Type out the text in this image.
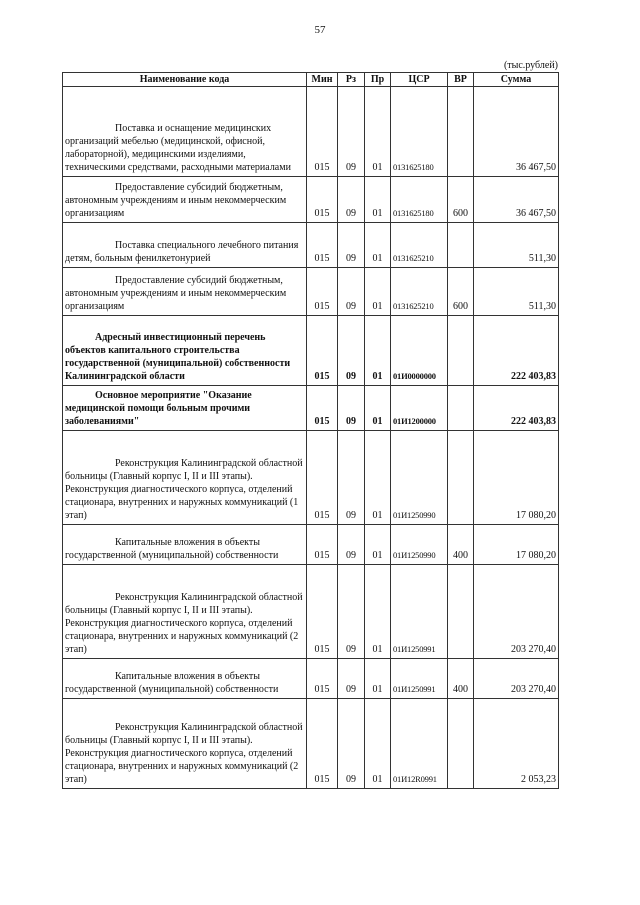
57
(тыс.рублей)
Наименование кода	Мин	Рз	Пр	ЦСР	ВР	Сумма
Поставка и оснащение медицинских организаций мебелью (медицинской, офисной, лабораторной), медицинскими изделиями, техническими средствами, расходными материалами	015	09	01	0131625180		36 467,50
Предоставление субсидий бюджетным, автономным учреждениям и иным некоммерческим организациям	015	09	01	0131625180	600	36 467,50
Поставка специального лечебного питания детям, больным фенилкетонурией	015	09	01	0131625210		511,30
Предоставление субсидий бюджетным, автономным учреждениям и иным некоммерческим организациям	015	09	01	0131625210	600	511,30
Адресный инвестиционный перечень объектов капитального строительства государственной (муниципальной) собственности Калининградской области	015	09	01	01И0000000		222 403,83
Основное мероприятие "Оказание медицинской помощи больным прочими заболеваниями"	015	09	01	01И1200000		222 403,83
Реконструкция Калининградской областной больницы (Главный корпус I, II и III этапы). Реконструкция диагностического корпуса, отделений стационара, внутренних и наружных коммуникаций (1 этап)	015	09	01	01И1250990		17 080,20
Капитальные вложения в объекты государственной (муниципальной) собственности	015	09	01	01И1250990	400	17 080,20
Реконструкция Калининградской областной больницы (Главный корпус I, II и III этапы). Реконструкция диагностического корпуса, отделений стационара, внутренних и наружных коммуникаций (2 этап)	015	09	01	01И1250991		203 270,40
Капитальные вложения в объекты государственной (муниципальной) собственности	015	09	01	01И1250991	400	203 270,40
Реконструкция Калининградской областной больницы (Главный корпус I, II и III этапы). Реконструкция диагностического корпуса, отделений стационара, внутренних и наружных коммуникаций (2 этап)	015	09	01	01И12R0991		2 053,23
